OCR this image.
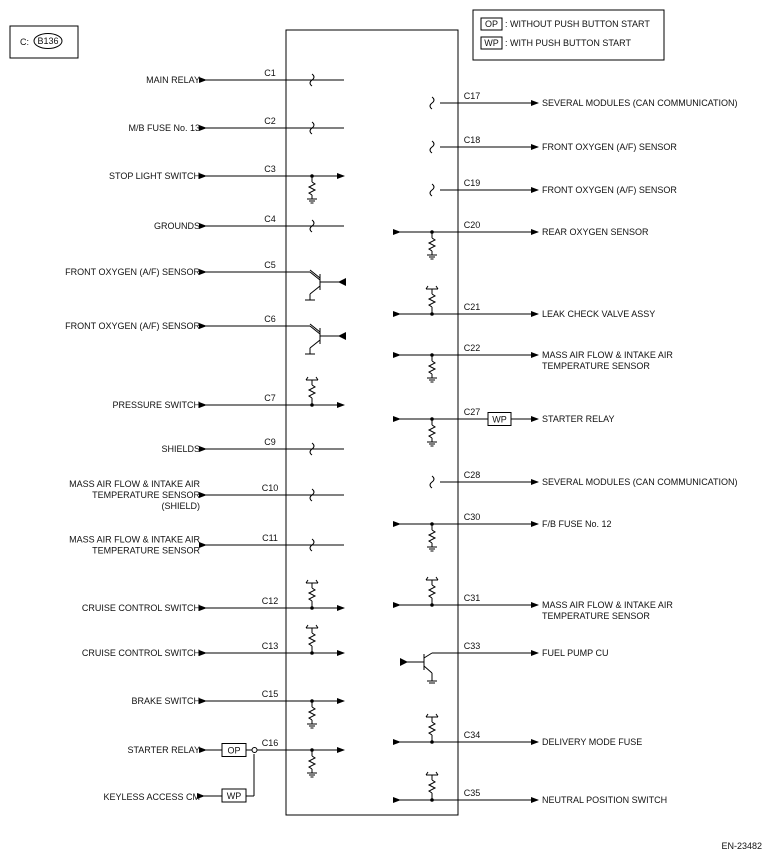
C: B136
OP : WITHOUT PUSH BUTTON START
WP : WITH PUSH BUTTON START
MAIN RELAY
C1
M/B FUSE No. 13
C2
STOP LIGHT SWITCH
C3
GROUNDS
C4
FRONT OXYGEN (A/F) SENSOR
C5
FRONT OXYGEN (A/F) SENSOR
C6
PRESSURE SWITCH
C7
SHIELDS
C9
MASS AIR FLOW & INTAKE AIR
TEMPERATURE SENSOR
(SHIELD)
C10
MASS AIR FLOW & INTAKE AIR
TEMPERATURE SENSOR
C11
CRUISE CONTROL SWITCH
C12
CRUISE CONTROL SWITCH
C13
BRAKE SWITCH
C15
STARTER RELAY	OP
C16
C17
SEVERAL MODULES (CAN COMMUNICATION)
C18
FRONT OXYGEN (A/F) SENSOR
C19
FRONT OXYGEN (A/F) SENSOR
C20
REAR OXYGEN SENSOR
C21
LEAK CHECK VALVE ASSY
C22
MASS AIR FLOW & INTAKE AIR
TEMPERATURE SENSOR
WP
C27
STARTER RELAY
C28
SEVERAL MODULES (CAN COMMUNICATION)
C30
F/B FUSE No. 12
C31
MASS AIR FLOW & INTAKE AIR
TEMPERATURE SENSOR
C33
FUEL PUMP CU
C34
DELIVERY MODE FUSE
C35
NEUTRAL POSITION SWITCH
KEYLESS ACCESS CM	WP
EN-23482
